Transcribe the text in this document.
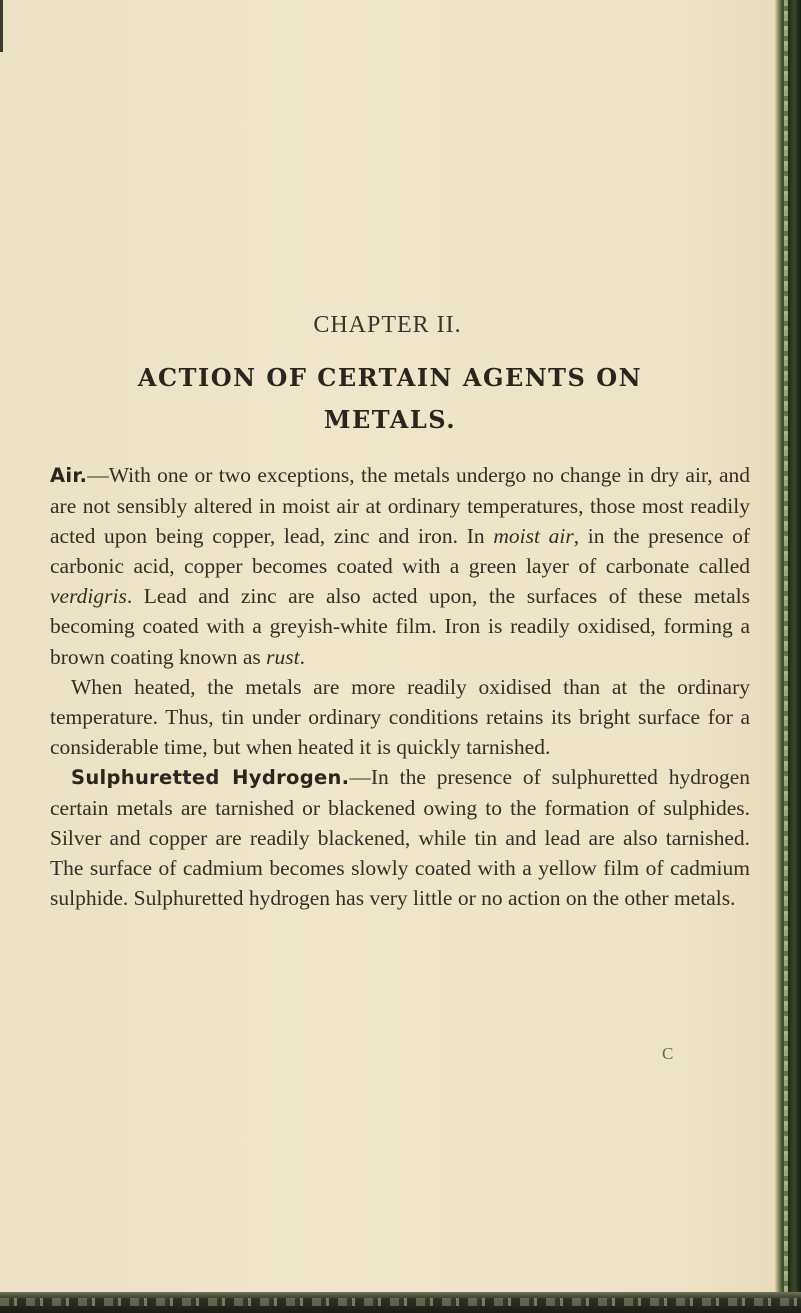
CHAPTER II.
ACTION OF CERTAIN AGENTS ON
METALS.

Air.—With one or two exceptions, the metals undergo no change in dry air, and are not sensibly altered in moist air at ordinary temperatures, those most readily acted upon being copper, lead, zinc and iron. In moist air, in the presence of carbonic acid, copper becomes coated with a green layer of carbonate called verdigris. Lead and zinc are also acted upon, the surfaces of these metals becoming coated with a greyish-white film. Iron is readily oxidised, forming a brown coating known as rust.

When heated, the metals are more readily oxidised than at the ordinary temperature. Thus, tin under ordinary conditions retains its bright surface for a considerable time, but when heated it is quickly tarnished.

Sulphuretted Hydrogen.—In the presence of sulphuretted hydrogen certain metals are tarnished or blackened owing to the formation of sulphides. Silver and copper are readily blackened, while tin and lead are also tarnished. The surface of cadmium becomes slowly coated with a yellow film of cadmium sulphide. Sulphuretted hydrogen has very little or no action on the other metals.

C
